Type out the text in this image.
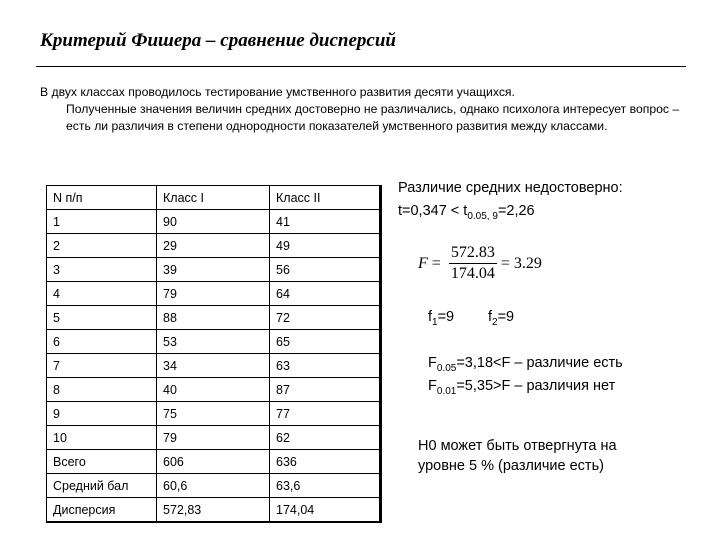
Критерий Фишера – сравнение дисперсий
В двух классах проводилось тестирование умственного развития десяти учащихся.
Полученные значения величин средних достоверно не различались, однако психолога интересует вопрос – есть ли различия в степени однородности показателей умственного развития между классами.
N п/п	Класс I	Класс II
1	90	41
2	29	49
3	39	56
4	79	64
5	88	72
6	53	65
7	34	63
8	40	87
9	75	77
10	79	62
Всего	606	636
Средний бал	60,6	63,6
Дисперсия	572,83	174,04
Различие средних недостоверно:
$t=0,347 < t_{0.05, 9}=2,26$
$F = \frac{572.83}{174.04} = 3.29$
$f_1=9$ $f_2=9$
$F_{0.05}=3,18<F$ – различие есть
$F_{0.01}=5,35>F$ – различия нет
Н0 может быть отвергнута на
уровне 5 % (различие есть)
